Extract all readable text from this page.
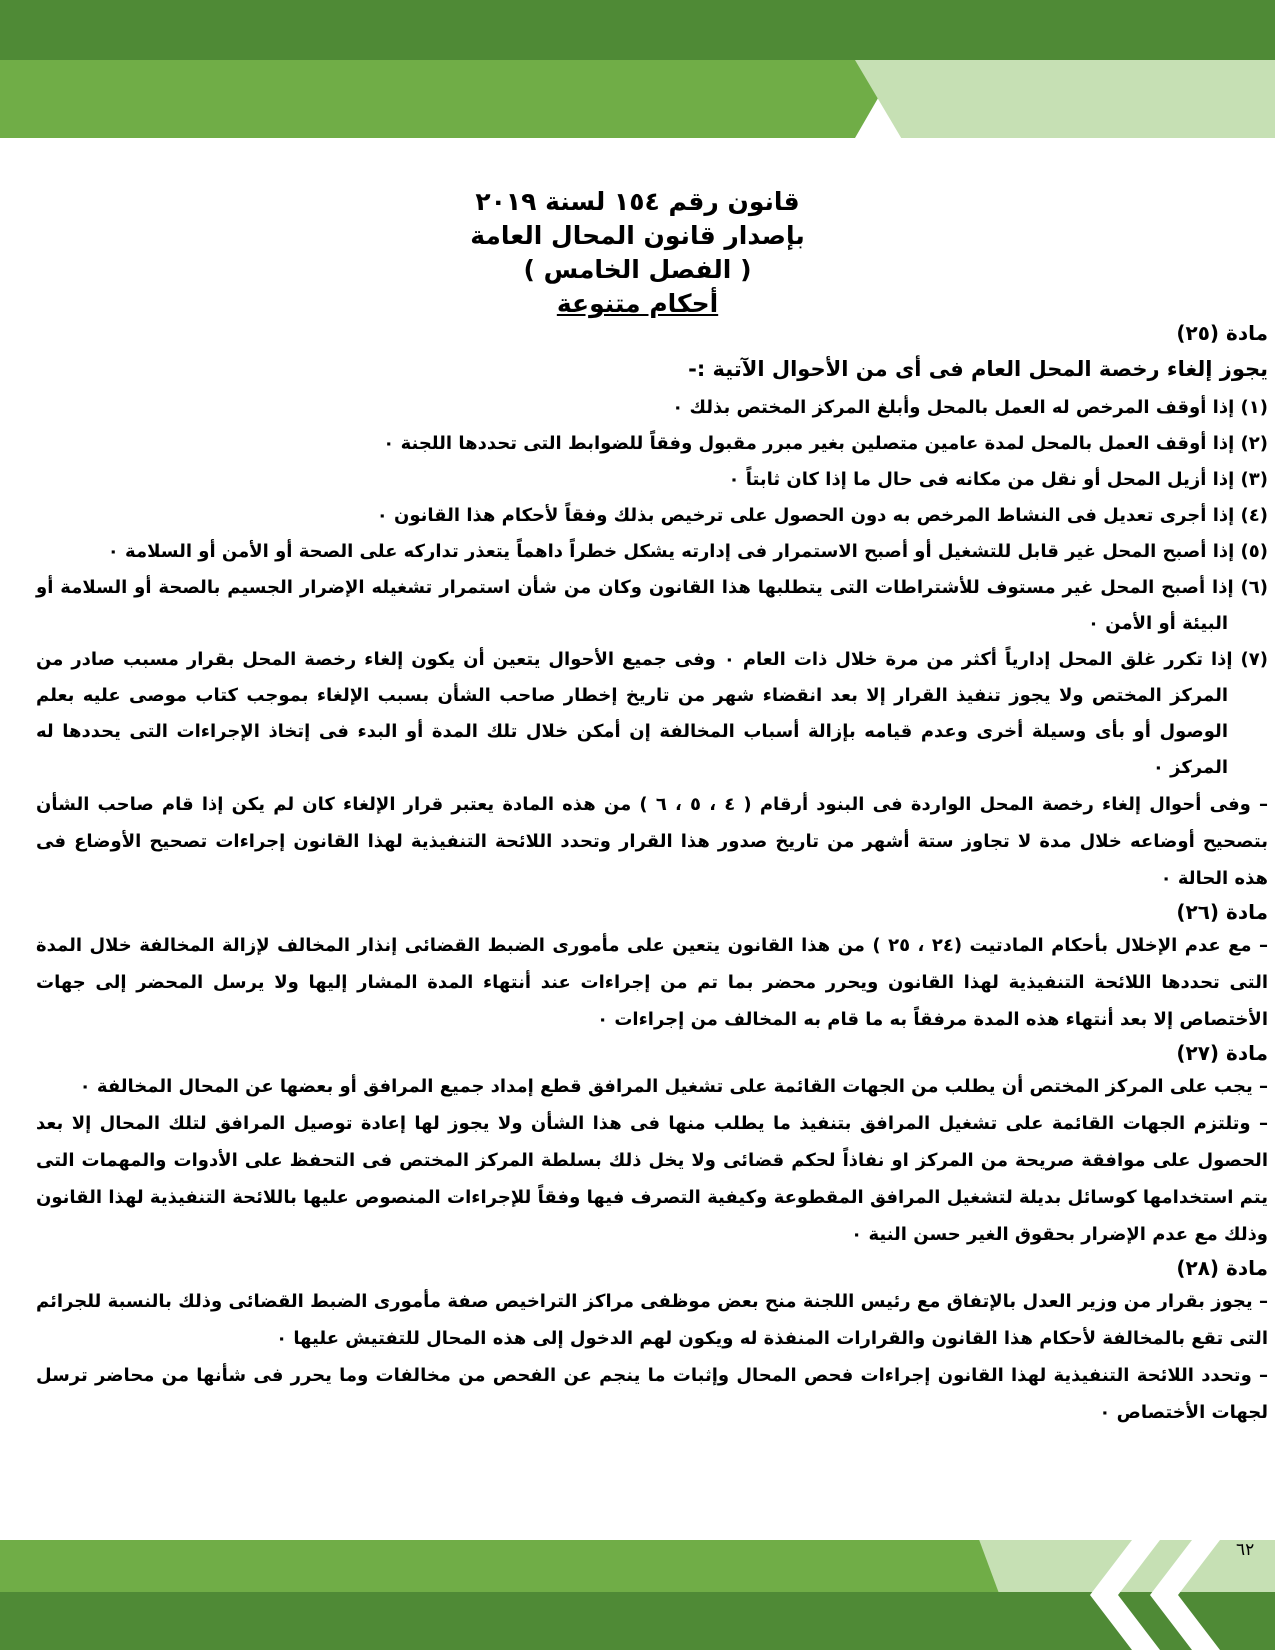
قانون رقم ١٥٤ لسنة ٢٠١٩
بإصدار قانون المحال العامة
( الفصل الخامس )
أحكام متنوعة

مادة (٢٥)

يجوز إلغاء رخصة المحل العام فى أى من الأحوال الآتية :-

(١) إذا أوقف المرخص له العمل بالمحل وأبلغ المركز المختص بذلك ٠

(٢) إذا أوقف العمل بالمحل لمدة عامين متصلين بغير مبرر مقبول وفقاً للضوابط التى تحددها اللجنة ٠

(٣) إذا أزيل المحل أو نقل من مكانه فى حال ما إذا كان ثابتاً ٠

(٤) إذا أجرى تعديل فى النشاط المرخص به دون الحصول على ترخيص بذلك وفقاً لأحكام هذا القانون ٠

(٥) إذا أصبح المحل غير قابل للتشغيل أو أصبح الاستمرار فى إدارته يشكل خطراً داهماً يتعذر تداركه على الصحة أو الأمن أو السلامة ٠

(٦) إذا أصبح المحل غير مستوف للأشتراطات التى يتطلبها هذا القانون وكان من شأن استمرار تشغيله الإضرار الجسيم بالصحة أو السلامة أو البيئة أو الأمن ٠

(٧) إذا تكرر غلق المحل إدارياً أكثر من مرة خلال ذات العام ٠ وفى جميع الأحوال يتعين أن يكون إلغاء رخصة المحل بقرار مسبب صادر من المركز المختص ولا يجوز تنفيذ القرار إلا بعد انقضاء شهر من تاريخ إخطار صاحب الشأن بسبب الإلغاء بموجب كتاب موصى عليه بعلم الوصول أو بأى وسيلة أخرى وعدم قيامه بإزالة أسباب المخالفة إن أمكن خلال تلك المدة أو البدء فى إتخاذ الإجراءات التى يحددها له المركز ٠

– وفى أحوال إلغاء رخصة المحل الواردة فى البنود أرقام ( ٤ ، ٥ ، ٦ ) من هذه المادة يعتبر قرار الإلغاء كان لم يكن إذا قام صاحب الشأن بتصحيح أوضاعه خلال مدة لا تجاوز ستة أشهر من تاريخ صدور هذا القرار وتحدد اللائحة التنفيذية لهذا القانون إجراءات تصحيح الأوضاع فى هذه الحالة ٠

مادة (٢٦)

– مع عدم الإخلال بأحكام المادتيت (٢٤ ، ٢٥ ) من هذا القانون يتعين على مأمورى الضبط القضائى إنذار المخالف لإزالة المخالفة خلال المدة التى تحددها اللائحة التنفيذية لهذا القانون ويحرر محضر بما تم من إجراءات عند أنتهاء المدة المشار إليها ولا يرسل المحضر إلى جهات الأختصاص إلا بعد أنتهاء هذه المدة مرفقاً به ما قام به المخالف من إجراءات ٠

مادة (٢٧)

– يجب على المركز المختص أن يطلب من الجهات القائمة على تشغيل المرافق قطع إمداد جميع المرافق أو بعضها عن المحال المخالفة ٠

– وتلتزم الجهات القائمة على تشغيل المرافق بتنفيذ ما يطلب منها فى هذا الشأن ولا يجوز لها إعادة توصيل المرافق لتلك المحال إلا بعد الحصول على موافقة صريحة من المركز او نفاذاً لحكم قضائى ولا يخل ذلك بسلطة المركز المختص فى التحفظ على الأدوات والمهمات التى يتم استخدامها كوسائل بديلة لتشغيل المرافق المقطوعة وكيفية التصرف فيها وفقاً للإجراءات المنصوص عليها باللائحة التنفيذية لهذا القانون وذلك مع عدم الإضرار بحقوق الغير حسن النية ٠

مادة (٢٨)

– يجوز بقرار من وزير العدل بالإتفاق مع رئيس اللجنة منح بعض موظفى مراكز التراخيص صفة مأمورى الضبط القضائى وذلك بالنسبة للجرائم التى تقع بالمخالفة لأحكام هذا القانون والقرارات المنفذة له ويكون لهم الدخول إلى هذه المحال للتفتيش عليها ٠

– وتحدد اللائحة التنفيذية لهذا القانون إجراءات فحص المحال وإثبات ما ينجم عن الفحص من مخالفات وما يحرر فى شأنها من محاضر ترسل لجهات الأختصاص ٠

٦٢
